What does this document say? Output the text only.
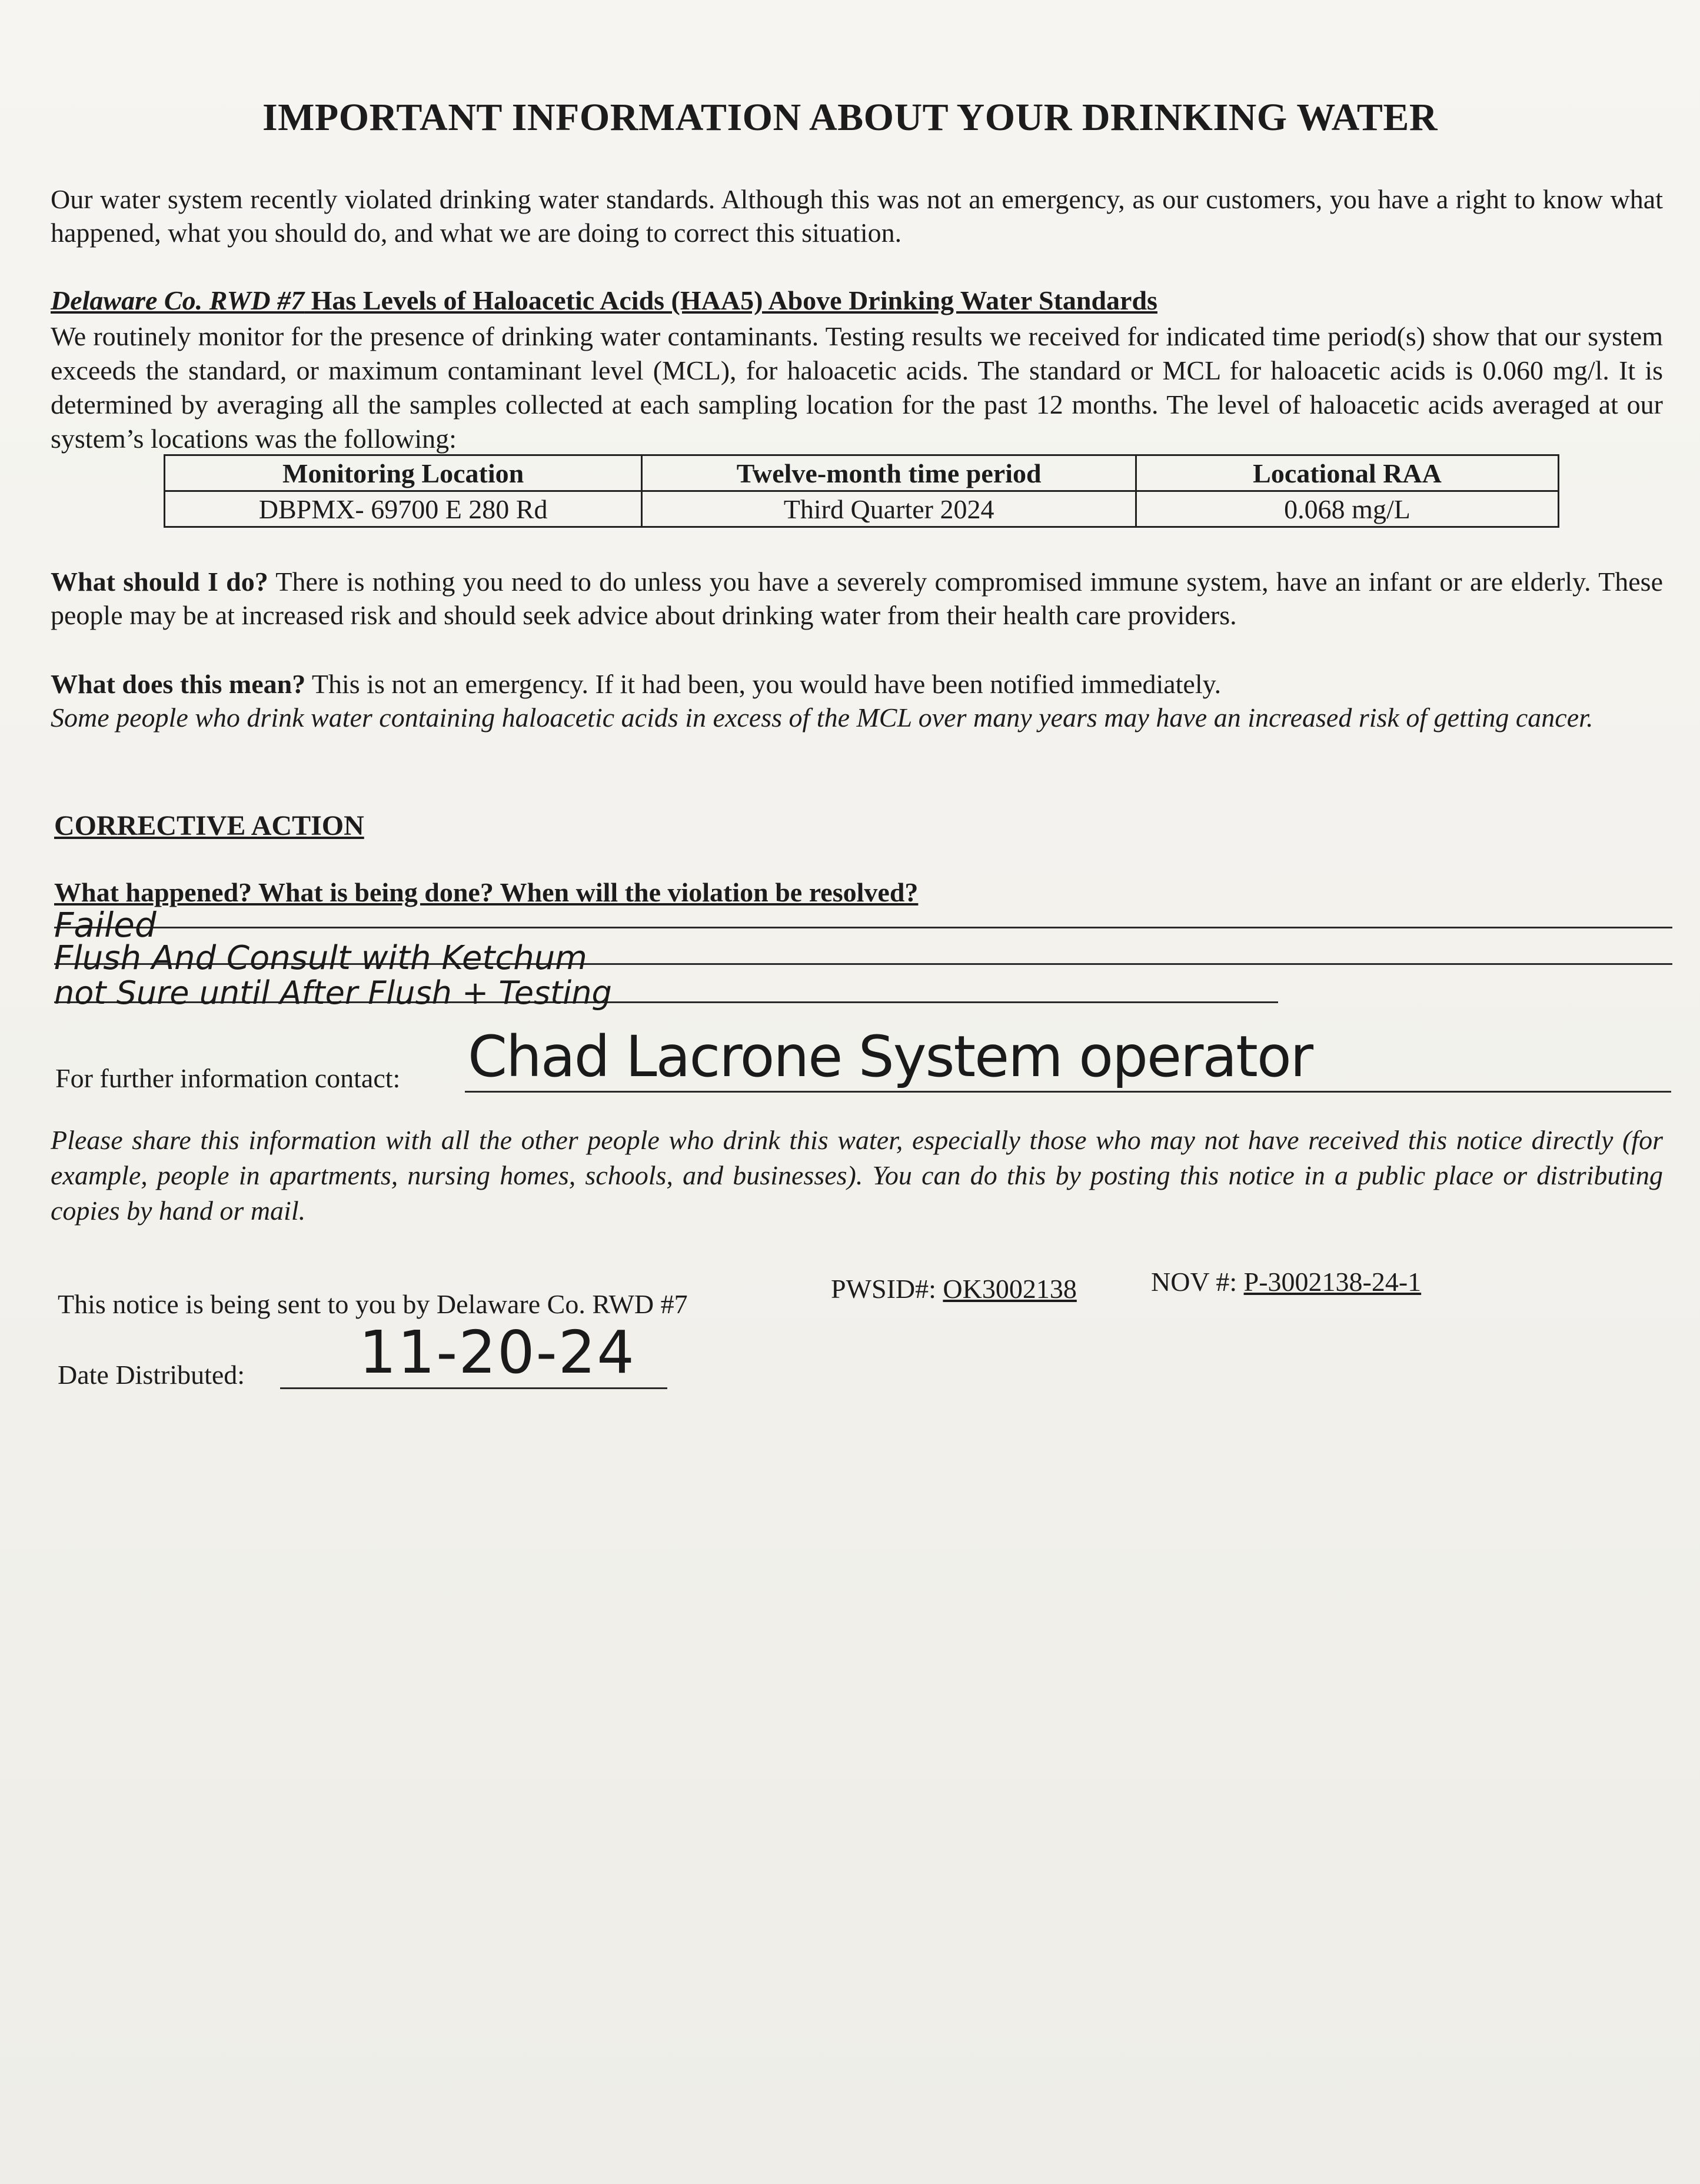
IMPORTANT INFORMATION ABOUT YOUR DRINKING WATER

Our water system recently violated drinking water standards. Although this was not an emergency, as our customers, you have a right to know what happened, what you should do, and what we are doing to correct this situation.

Delaware Co. RWD #7 Has Levels of Haloacetic Acids (HAA5) Above Drinking Water Standards

We routinely monitor for the presence of drinking water contaminants. Testing results we received for indicated time period(s) show that our system exceeds the standard, or maximum contaminant level (MCL), for haloacetic acids. The standard or MCL for haloacetic acids is 0.060 mg/l. It is determined by averaging all the samples collected at each sampling location for the past 12 months. The level of haloacetic acids averaged at our system’s locations was the following:

Monitoring Location	Twelve-month time period	Locational RAA
DBPMX- 69700 E 280 Rd	Third Quarter 2024	0.068 mg/L

What should I do? There is nothing you need to do unless you have a severely compromised immune system, have an infant or are elderly. These people may be at increased risk and should seek advice about drinking water from their health care providers.

What does this mean? This is not an emergency. If it had been, you would have been notified immediately.
Some people who drink water containing haloacetic acids in excess of the MCL over many years may have an increased risk of getting cancer.

CORRECTIVE ACTION

What happened? What is being done? When will the violation be resolved?

Failed
Flush And Consult with Ketchum
not Sure until After Flush + Testing

For further information contact: Chad Lacrone System operator

Please share this information with all the other people who drink this water, especially those who may not have received this notice directly (for example, people in apartments, nursing homes, schools, and businesses). You can do this by posting this notice in a public place or distributing copies by hand or mail.

This notice is being sent to you by Delaware Co. RWD #7

PWSID#: OK3002138	NOV #: P-3002138-24-1

Date Distributed: 11-20-24
